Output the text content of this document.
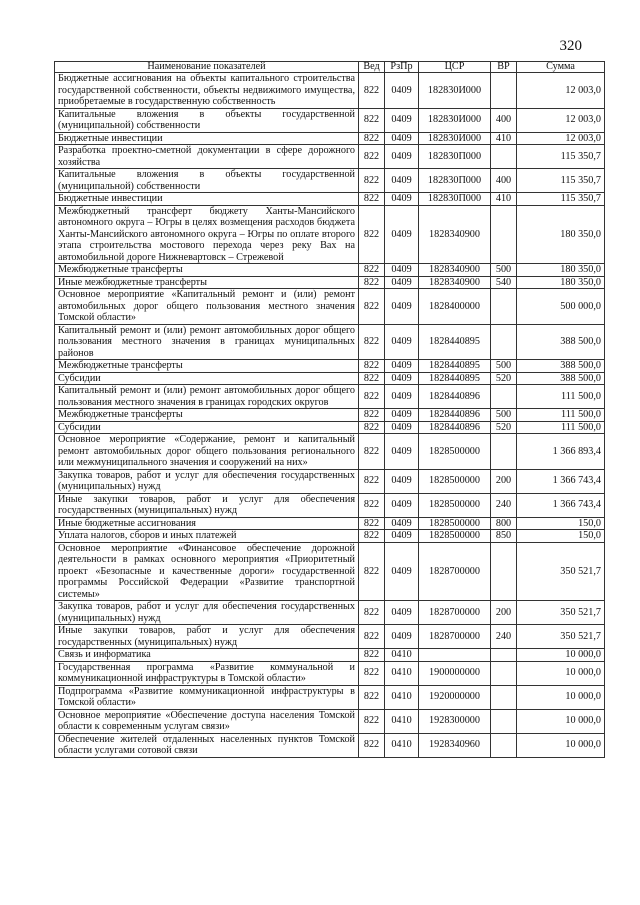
320
Наименование показателей	Вед	РзПр	ЦСР	ВР	Сумма
Бюджетные ассигнования на объекты капитального строительства государственной собственности, объекты недвижимого имущества, приобретаемые в государственную собственность	822	0409	182830И000		12 003,0
Капитальные вложения в объекты государственной (муниципальной) собственности	822	0409	182830И000	400	12 003,0
Бюджетные инвестиции	822	0409	182830И000	410	12 003,0
Разработка проектно-сметной документации в сфере дорожного хозяйства	822	0409	182830П000		115 350,7
Капитальные вложения в объекты государственной (муниципальной) собственности	822	0409	182830П000	400	115 350,7
Бюджетные инвестиции	822	0409	182830П000	410	115 350,7
Межбюджетный трансферт бюджету Ханты-Мансийского автономного округа – Югры в целях возмещения расходов бюджета Ханты-Мансийского автономного округа – Югры по оплате второго этапа строительства мостового перехода через реку Вах на автомобильной дороге Нижневартовск – Стрежевой	822	0409	1828340900		180 350,0
Межбюджетные трансферты	822	0409	1828340900	500	180 350,0
Иные межбюджетные трансферты	822	0409	1828340900	540	180 350,0
Основное мероприятие «Капитальный ремонт и (или) ремонт автомобильных дорог общего пользования местного значения Томской области»	822	0409	1828400000		500 000,0
Капитальный ремонт и (или) ремонт автомобильных дорог общего пользования местного значения в границах муниципальных районов	822	0409	1828440895		388 500,0
Межбюджетные трансферты	822	0409	1828440895	500	388 500,0
Субсидии	822	0409	1828440895	520	388 500,0
Капитальный ремонт и (или) ремонт автомобильных дорог общего пользования местного значения в границах городских округов	822	0409	1828440896		111 500,0
Межбюджетные трансферты	822	0409	1828440896	500	111 500,0
Субсидии	822	0409	1828440896	520	111 500,0
Основное мероприятие «Содержание, ремонт и капитальный ремонт автомобильных дорог общего пользования регионального или межмуниципального значения и сооружений на них»	822	0409	1828500000		1 366 893,4
Закупка товаров, работ и услуг для обеспечения государственных (муниципальных) нужд	822	0409	1828500000	200	1 366 743,4
Иные закупки товаров, работ и услуг для обеспечения государственных (муниципальных) нужд	822	0409	1828500000	240	1 366 743,4
Иные бюджетные ассигнования	822	0409	1828500000	800	150,0
Уплата налогов, сборов и иных платежей	822	0409	1828500000	850	150,0
Основное мероприятие «Финансовое обеспечение дорожной деятельности в рамках основного мероприятия «Приоритетный проект «Безопасные и качественные дороги» государственной программы Российской Федерации «Развитие транспортной системы»	822	0409	1828700000		350 521,7
Закупка товаров, работ и услуг для обеспечения государственных (муниципальных) нужд	822	0409	1828700000	200	350 521,7
Иные закупки товаров, работ и услуг для обеспечения государственных (муниципальных) нужд	822	0409	1828700000	240	350 521,7
Связь и информатика	822	0410			10 000,0
Государственная программа «Развитие коммунальной и коммуникационной инфраструктуры в Томской области»	822	0410	1900000000		10 000,0
Подпрограмма «Развитие коммуникационной инфраструктуры в Томской области»	822	0410	1920000000		10 000,0
Основное мероприятие «Обеспечение доступа населения Томской области к современным услугам связи»	822	0410	1928300000		10 000,0
Обеспечение жителей отдаленных населенных пунктов Томской области услугами сотовой связи	822	0410	1928340960		10 000,0
